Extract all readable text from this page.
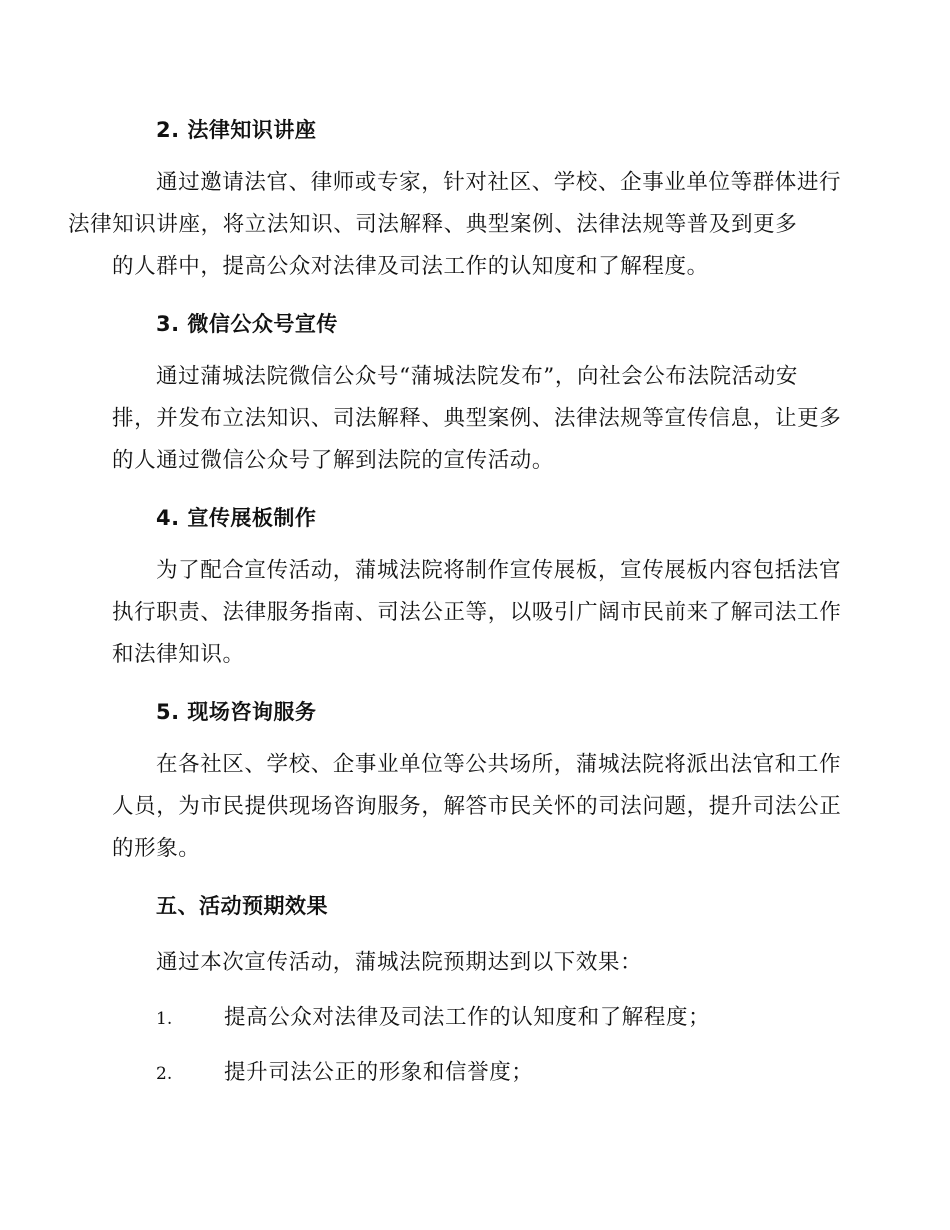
2. 法律知识讲座
通过邀请法官、律师或专家，针对社区、学校、企事业单位等群体进行
法律知识讲座，将立法知识、司法解释、典型案例、法律法规等普及到更多
的人群中，提高公众对法律及司法工作的认知度和了解程度。
3. 微信公众号宣传
通过蒲城法院微信公众号“蒲城法院发布”，向社会公布法院活动安
排，并发布立法知识、司法解释、典型案例、法律法规等宣传信息，让更多
的人通过微信公众号了解到法院的宣传活动。
4. 宣传展板制作
为了配合宣传活动，蒲城法院将制作宣传展板，宣传展板内容包括法官
执行职责、法律服务指南、司法公正等，以吸引广阔市民前来了解司法工作
和法律知识。
5. 现场咨询服务
在各社区、学校、企事业单位等公共场所，蒲城法院将派出法官和工作
人员，为市民提供现场咨询服务，解答市民关怀的司法问题，提升司法公正
的形象。
五、活动预期效果
通过本次宣传活动，蒲城法院预期达到以下效果：
1. 提高公众对法律及司法工作的认知度和了解程度；
2. 提升司法公正的形象和信誉度；
